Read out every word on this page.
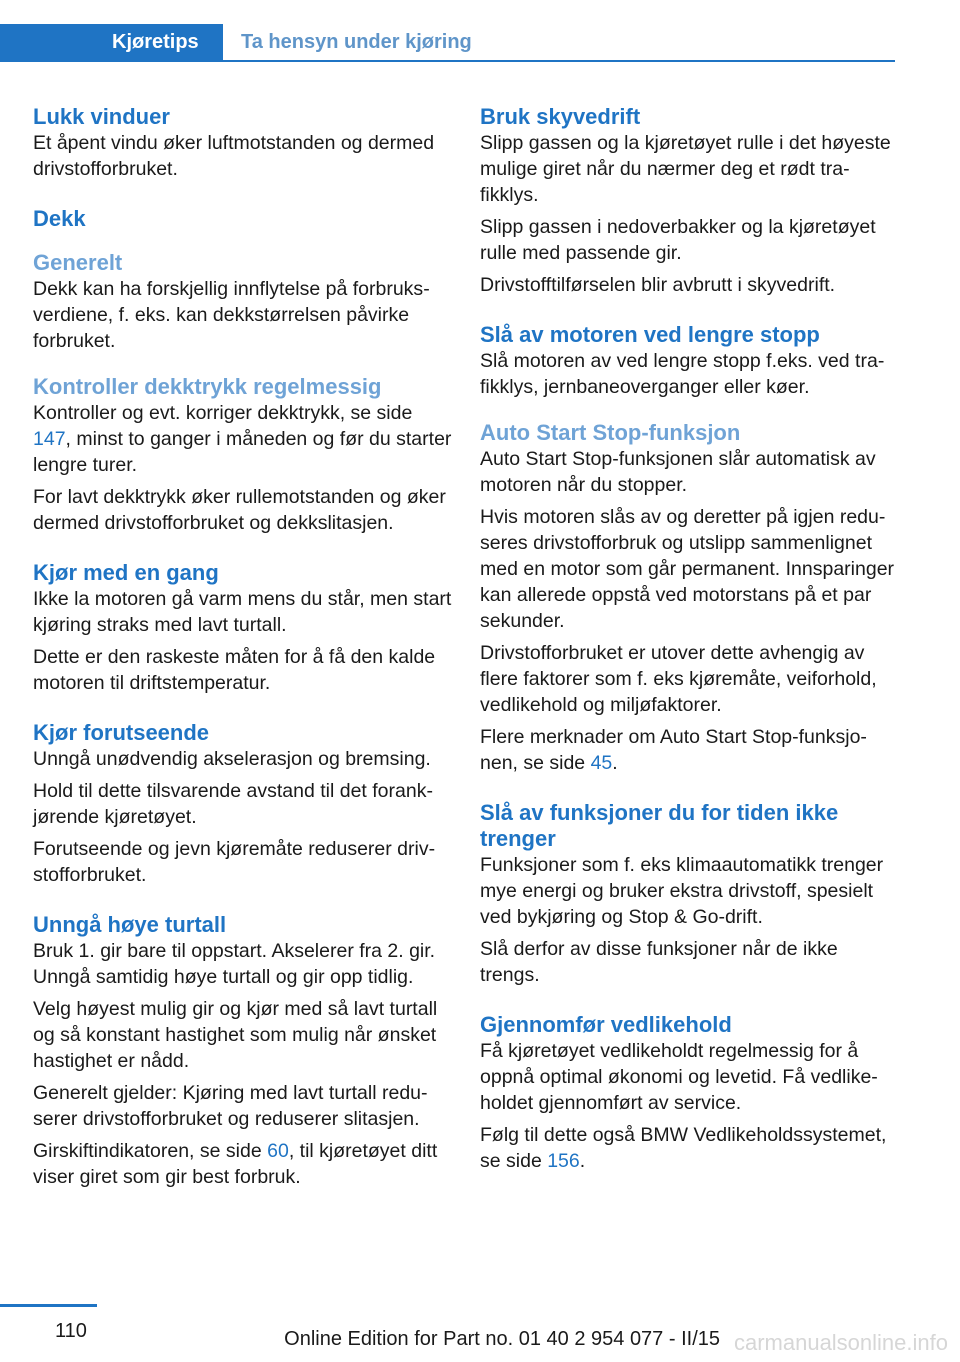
Kjøretips	Ta hensyn under kjøring
Lukk vinduer

Et åpent vindu øker luftmotstanden og dermed drivstofforbruket.

Dekk
Generelt

Dekk kan ha forskjellig innflytelse på forbruksverdiene, f. eks. kan dekkstørrelsen påvirke forbruket.

Kontroller dekktrykk regelmessig

Kontroller og evt. korriger dekktrykk, se side 147, minst to ganger i måneden og før du starter lengre turer.

For lavt dekktrykk øker rullemotstanden og øker dermed drivstofforbruket og dekkslitasjen.

Kjør med en gang

Ikke la motoren gå varm mens du står, men start kjøring straks med lavt turtall.

Dette er den raskeste måten for å få den kalde motoren til driftstemperatur.

Kjør forutseende

Unngå unødvendig akselerasjon og bremsing.

Hold til dette tilsvarende avstand til det forankjørende kjøretøyet.

Forutseende og jevn kjøremåte reduserer drivstofforbruket.

Unngå høye turtall

Bruk 1. gir bare til oppstart. Akselerer fra 2. gir. Unngå samtidig høye turtall og gir opp tidlig.

Velg høyest mulig gir og kjør med så lavt turtall og så konstant hastighet som mulig når ønsket hastighet er nådd.

Generelt gjelder: Kjøring med lavt turtall reduserer drivstofforbruket og reduserer slitasjen.

Girskiftindikatoren, se side 60, til kjøretøyet ditt viser giret som gir best forbruk.

Bruk skyvedrift

Slipp gassen og la kjøretøyet rulle i det høyeste mulige giret når du nærmer deg et rødt trafikklys.

Slipp gassen i nedoverbakker og la kjøretøyet rulle med passende gir.

Drivstofftilførselen blir avbrutt i skyvedrift.

Slå av motoren ved lengre stopp

Slå motoren av ved lengre stopp f.eks. ved trafikklys, jernbaneoverganger eller køer.

Auto Start Stop-funksjon

Auto Start Stop-funksjonen slår automatisk av motoren når du stopper.

Hvis motoren slås av og deretter på igjen reduseres drivstofforbruk og utslipp sammenlignet med en motor som går permanent. Innsparinger kan allerede oppstå ved motorstans på et par sekunder.

Drivstofforbruket er utover dette avhengig av flere faktorer som f. eks kjøremåte, veiforhold, vedlikehold og miljøfaktorer.

Flere merknader om Auto Start Stop-funksjonen, se side 45.

Slå av funksjoner du for tiden ikke trenger

Funksjoner som f. eks klimaautomatikk trenger mye energi og bruker ekstra drivstoff, spesielt ved bykjøring og Stop & Go-drift.

Slå derfor av disse funksjoner når de ikke trengs.

Gjennomfør vedlikehold

Få kjøretøyet vedlikeholdt regelmessig for å oppnå optimal økonomi og levetid. Få vedlikeholdet gjennomført av service.

Følg til dette også BMW Vedlikeholdssystemet, se side 156.

110	Online Edition for Part no. 01 40 2 954 077 - II/15 carmanualsonline.info
